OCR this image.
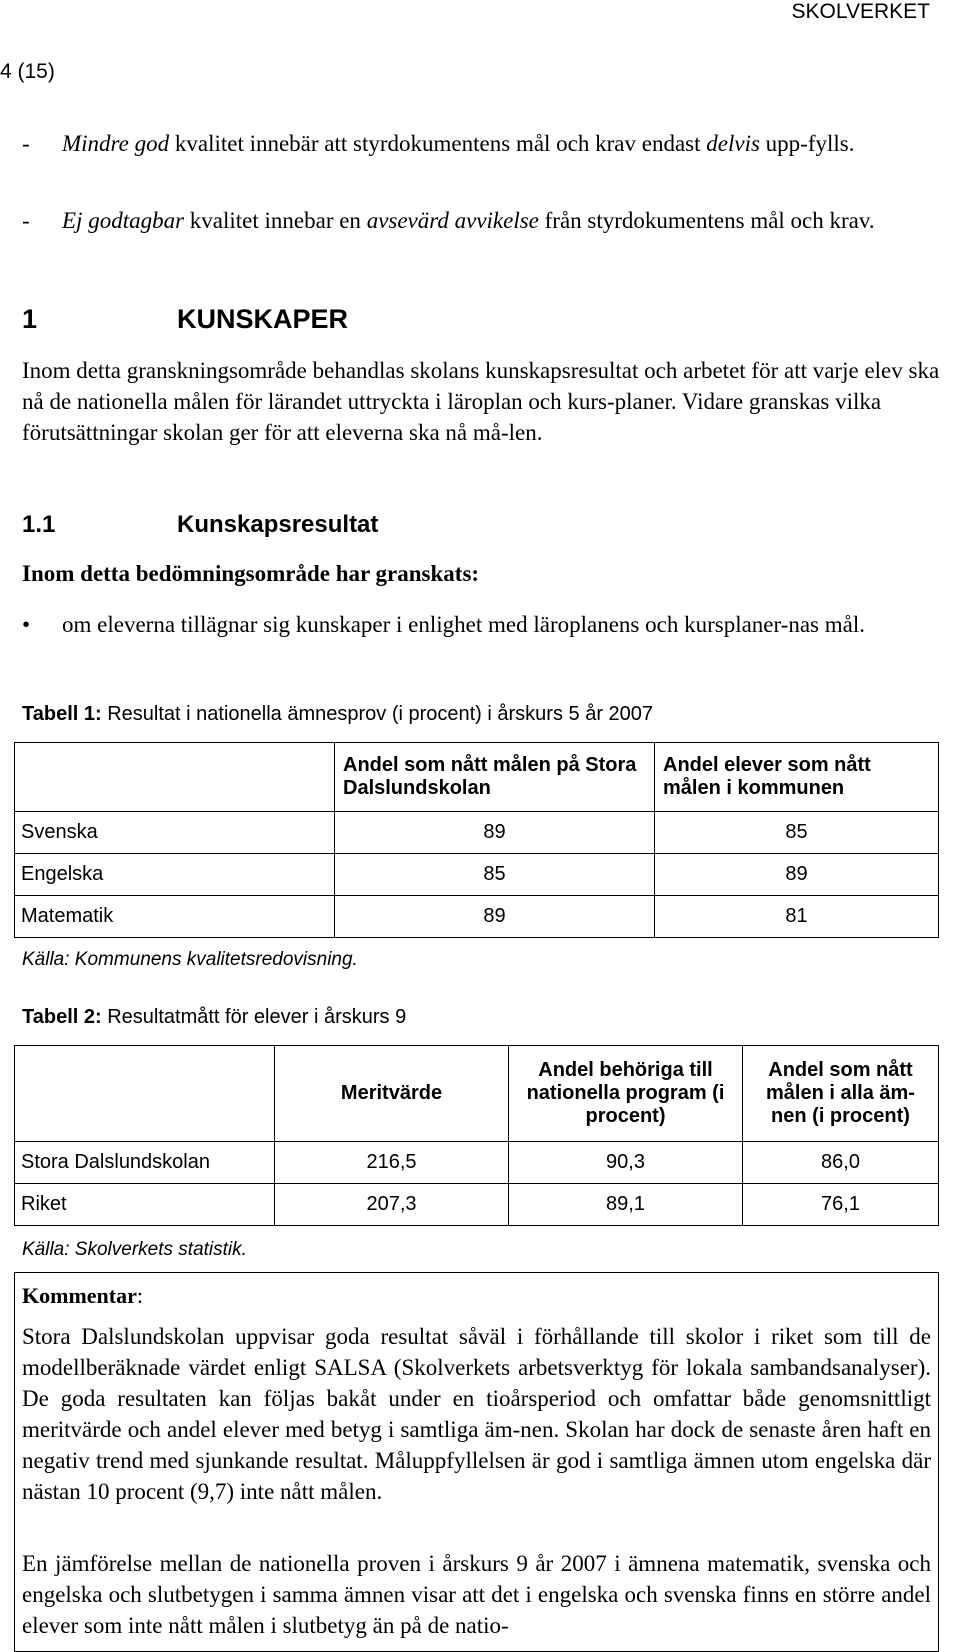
SKOLVERKET
4 (15)
- Mindre god kvalitet innebär att styrdokumentens mål och krav endast delvis upp-fylls.
- Ej godtagbar kvalitet innebar en avsevärd avvikelse från styrdokumentens mål och krav.
1	KUNSKAPER
Inom detta granskningsområde behandlas skolans kunskapsresultat och arbetet för att varje elev ska nå de nationella målen för lärandet uttryckta i läroplan och kurs-planer. Vidare granskas vilka förutsättningar skolan ger för att eleverna ska nå må-len.
1.1	Kunskapsresultat
Inom detta bedömningsområde har granskats:
• om eleverna tillägnar sig kunskaper i enlighet med läroplanens och kursplaner-nas mål.
Tabell 1: Resultat i nationella ämnesprov (i procent) i årskurs 5 år 2007
	Andel som nått målen på Stora Dalslundskolan	Andel elever som nått målen i kommunen
Svenska	89	85
Engelska	85	89
Matematik	89	81
Källa: Kommunens kvalitetsredovisning.
Tabell 2: Resultatmått för elever i årskurs 9
	Meritvärde	Andel behöriga till nationella program (i procent)	Andel som nått målen i alla äm-nen (i procent)
Stora Dalslundskolan	216,5	90,3	86,0
Riket	207,3	89,1	76,1
Källa: Skolverkets statistik.
Kommentar:
Stora Dalslundskolan uppvisar goda resultat såväl i förhållande till skolor i riket som till de modellberäknade värdet enligt SALSA (Skolverkets arbetsverktyg för lokala sambandsanalyser). De goda resultaten kan följas bakåt under en tioårsperiod och omfattar både genomsnittligt meritvärde och andel elever med betyg i samtliga äm-nen. Skolan har dock de senaste åren haft en negativ trend med sjunkande resultat. Måluppfyllelsen är god i samtliga ämnen utom engelska där nästan 10 procent (9,7) inte nått målen.
En jämförelse mellan de nationella proven i årskurs 9 år 2007 i ämnena matematik, svenska och engelska och slutbetygen i samma ämnen visar att det i engelska och svenska finns en större andel elever som inte nått målen i slutbetyg än på de natio-
